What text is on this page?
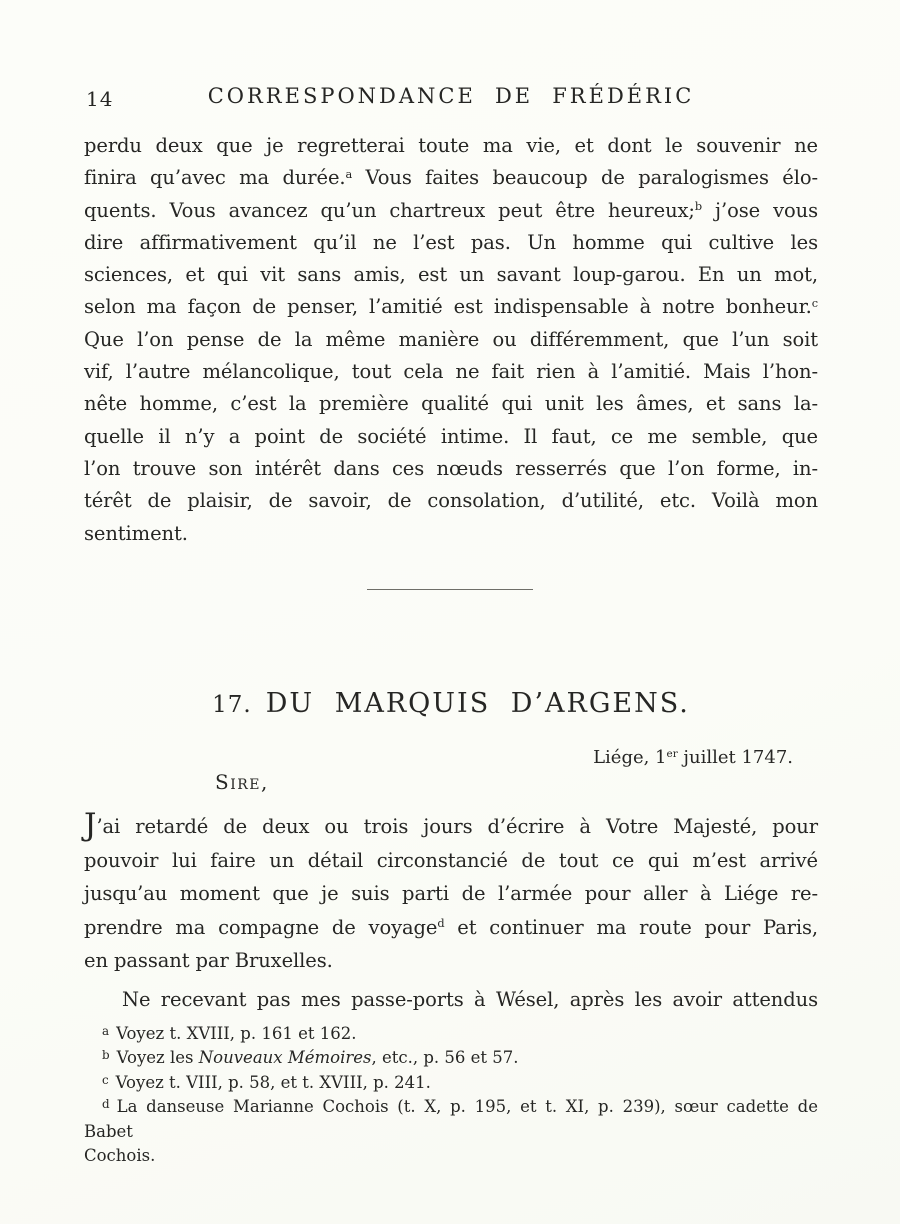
14	CORRESPONDANCE DE FRÉDÉRIC
perdu deux que je regretterai toute ma vie, et dont le souvenir ne
finira qu’avec ma durée.$^a$ Vous faites beaucoup de paralogismes élo-
quents. Vous avancez qu’un chartreux peut être heureux;$^b$ j’ose vous
dire affirmativement qu’il ne l’est pas. Un homme qui cultive les
sciences, et qui vit sans amis, est un savant loup-garou. En un mot,
selon ma façon de penser, l’amitié est indispensable à notre bonheur.$^c$
Que l’on pense de la même manière ou différemment, que l’un soit
vif, l’autre mélancolique, tout cela ne fait rien à l’amitié. Mais l’hon-
nête homme, c’est la première qualité qui unit les âmes, et sans la-
quelle il n’y a point de société intime. Il faut, ce me semble, que
l’on trouve son intérêt dans ces nœuds resserrés que l’on forme, in-
térêt de plaisir, de savoir, de consolation, d’utilité, etc. Voilà mon
sentiment.
17. DU MARQUIS D’ARGENS.
Liége, 1er juillet 1747.
Sire,
J’ai retardé de deux ou trois jours d’écrire à Votre Majesté, pour
pouvoir lui faire un détail circonstancié de tout ce qui m’est arrivé
jusqu’au moment que je suis parti de l’armée pour aller à Liége re-
prendre ma compagne de voyage$^d$ et continuer ma route pour Paris,
en passant par Bruxelles.
Ne recevant pas mes passe-ports à Wésel, après les avoir attendus
$^a$ Voyez t. XVIII, p. 161 et 162.
$^b$ Voyez les Nouveaux Mémoires, etc., p. 56 et 57.
$^c$ Voyez t. VIII, p. 58, et t. XVIII, p. 241.
$^d$ La danseuse Marianne Cochois (t. X, p. 195, et t. XI, p. 239), sœur cadette de Babet
Cochois.
